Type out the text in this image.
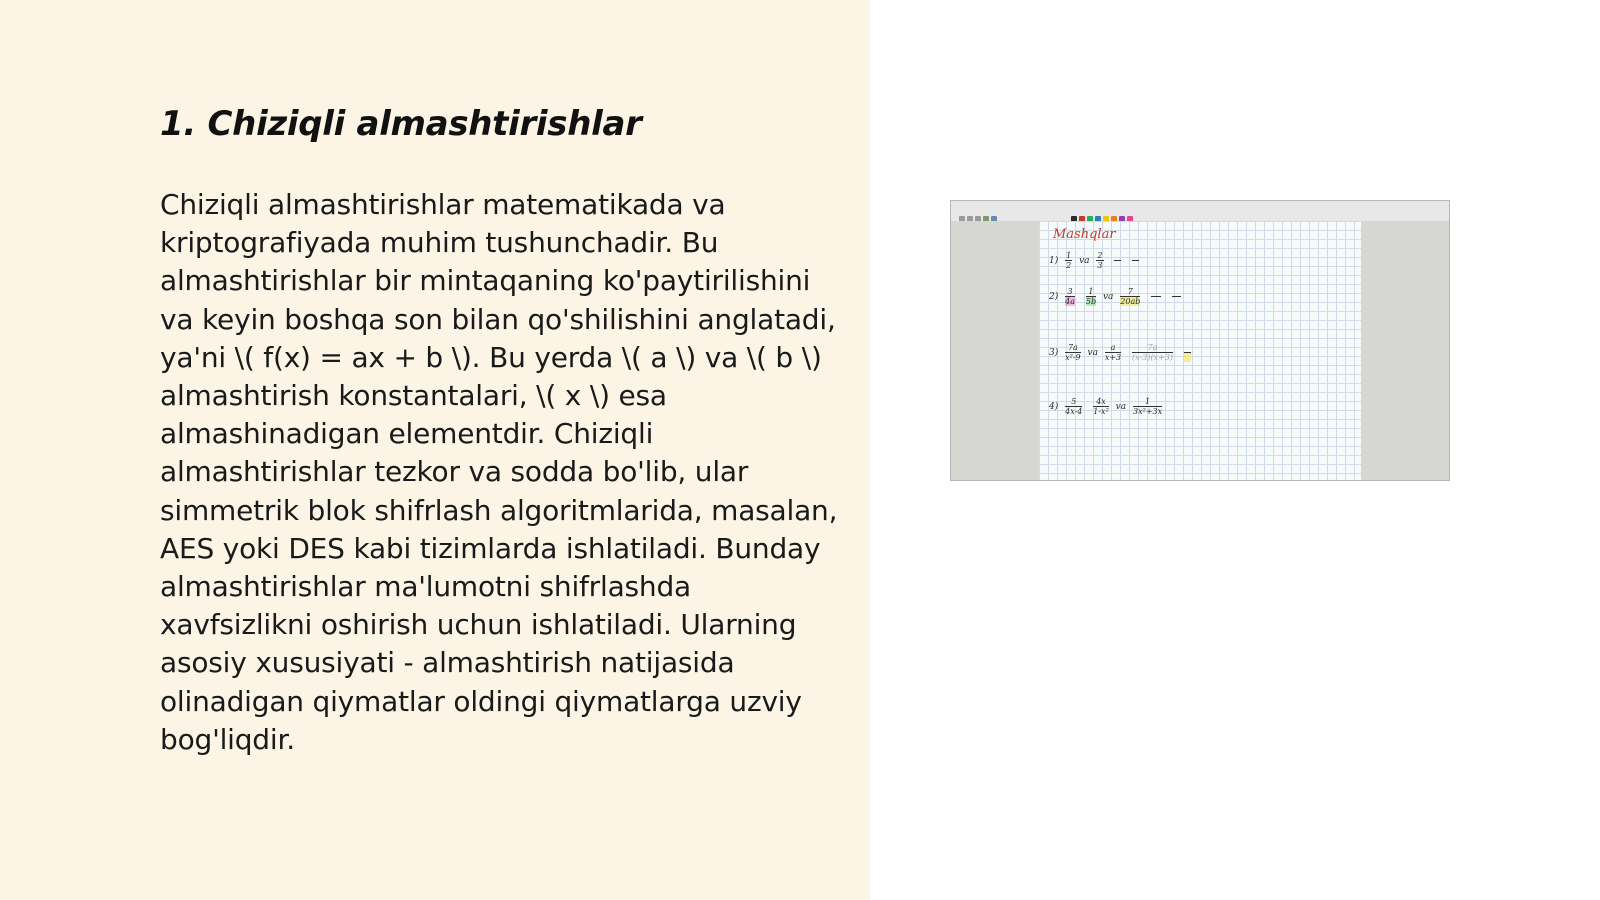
1. Chiziqli almashtirishlar

Chiziqli almashtirishlar matematikada va kriptografiyada muhim tushunchadir. Bu almashtirishlar bir mintaqaning ko'paytirilishini va keyin boshqa son bilan qo'shilishini anglatadi, ya'ni \( f(x) = ax + b \). Bu yerda \( a \) va \( b \) almashtirish konstantalari, \( x \) esa almashinadigan elementdir. Chiziqli almashtirishlar tezkor va sodda bo'lib, ular simmetrik blok shifrlash algoritmlarida, masalan, AES yoki DES kabi tizimlarda ishlatiladi. Bunday almashtirishlar ma'lumotni shifrlashda xavfsizlikni oshirish uchun ishlatiladi. Ularning asosiy xususiyati - almashtirish natijasida olinadigan qiymatlar oldingi qiymatlarga uzviy bog'liqdir.

Mashqlar
$1) \frac{1}{2}$ va $\frac{2}{3}$

$2) \frac{3}{4a}$
$\frac{1}{5b}$ va $\frac{7}{20ab}$

$3) \frac{7a}{\text{x²-9}}$ va $\frac{a}{x+3}$
$\frac{7a}{(x-3)(x+3)}$

$4) \frac{5}{4x-4}$
$\frac{4x}{\text{1-x²}}$ va $\frac{1}{\text{3x²+3x}}$
